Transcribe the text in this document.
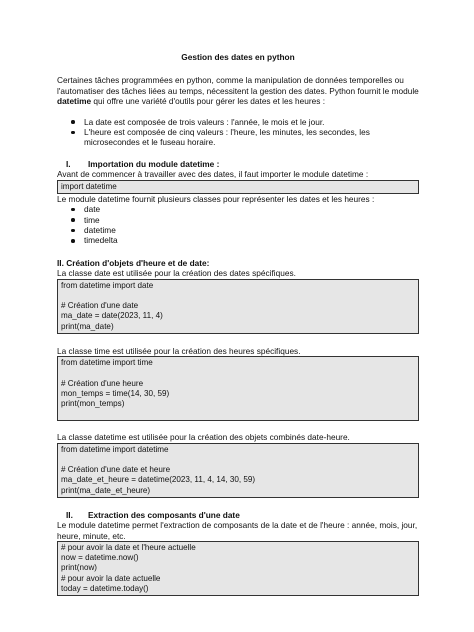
Gestion des dates en python

Certaines tâches programmées en python, comme la manipulation de données temporelles ou l'automatiser des tâches liées au temps, nécessitent la gestion des dates. Python fournit le module datetime qui offre une variété d'outils pour gérer les dates et les heures :

La date est composée de trois valeurs : l'année, le mois et le jour.
L'heure est composée de cinq valeurs : l'heure, les minutes, les secondes, les microsecondes et le fuseau horaire.

I. Importation du module datetime :

Avant de commencer à travailler avec des dates, il faut importer le module datetime :

import datetime

Le module datetime fournit plusieurs classes pour représenter les dates et les heures :

date
time
datetime
timedelta

II. Création d'objets d'heure et de date:

La classe date est utilisée pour la création des dates spécifiques.

from datetime import date
# Création d'une date
ma_date = date(2023, 11, 4)
print(ma_date)

La classe time est utilisée pour la création des heures spécifiques.

from datetime import time
# Création d'une heure
mon_temps = time(14, 30, 59)
print(mon_temps)

La classe datetime est utilisée pour la création des objets combinés date-heure.

from datetime import datetime
# Création d'une date et heure
ma_date_et_heure = datetime(2023, 11, 4, 14, 30, 59)
print(ma_date_et_heure)

II. Extraction des composants d'une date

Le module datetime permet l'extraction de composants de la date et de l'heure : année, mois, jour, heure, minute, etc.

# pour avoir la date et l'heure actuelle
now = datetime.now()
print(now)
# pour avoir la date actuelle
today = datetime.today()
